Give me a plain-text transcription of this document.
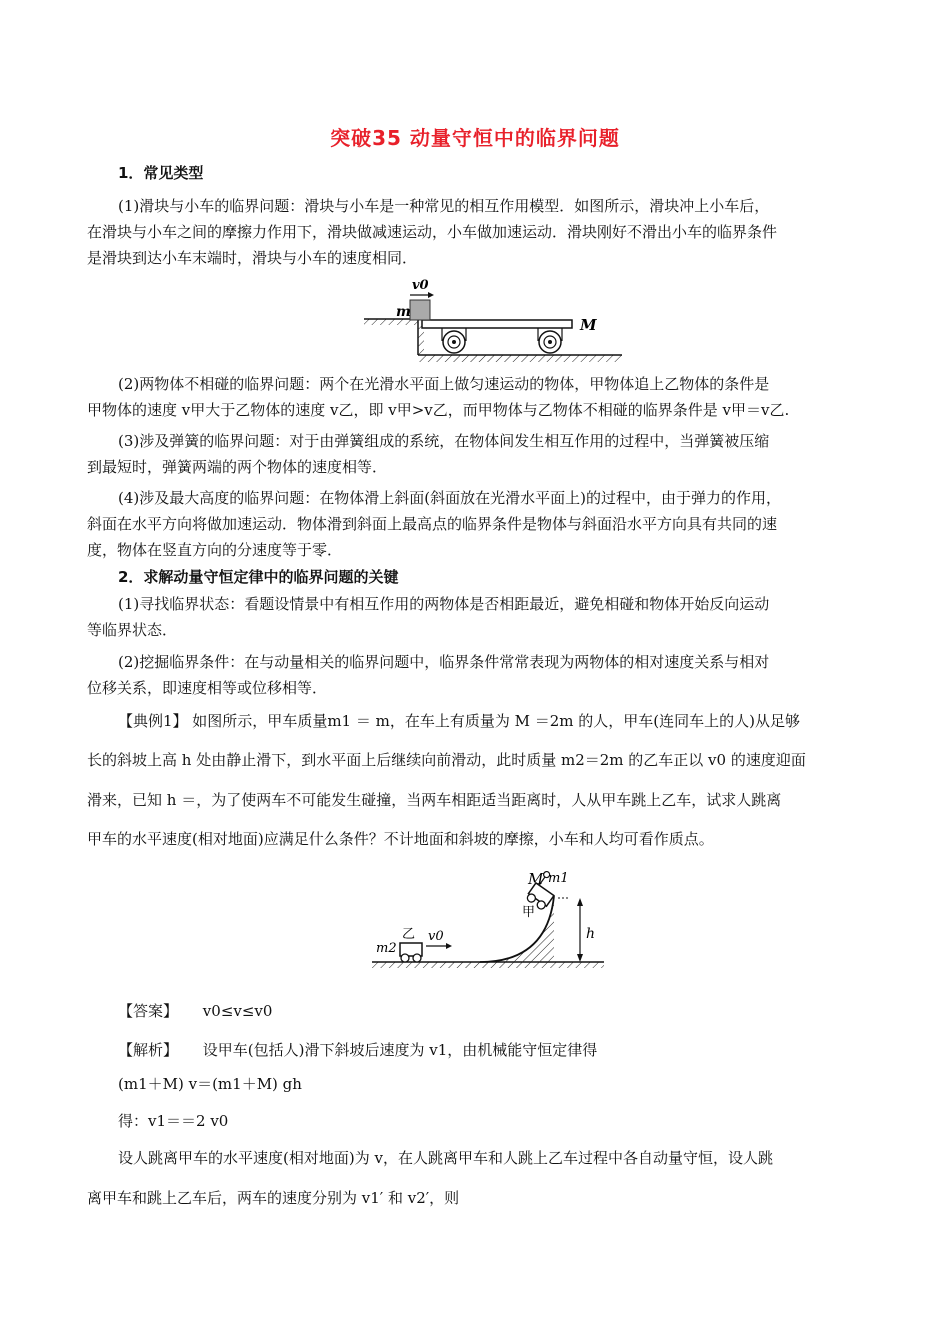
突破35 动量守恒中的临界问题
1．常见类型
(1)滑块与小车的临界问题：滑块与小车是一种常见的相互作用模型．如图所示，滑块冲上小车后，
在滑块与小车之间的摩擦力作用下，滑块做减速运动，小车做加速运动．滑块刚好不滑出小车的临界条件
是滑块到达小车末端时，滑块与小车的速度相同．
m
v0
M
(2)两物体不相碰的临界问题：两个在光滑水平面上做匀速运动的物体，甲物体追上乙物体的条件是
甲物体的速度 v甲大于乙物体的速度 v乙，即 v甲>v乙，而甲物体与乙物体不相碰的临界条件是 v甲＝v乙.
(3)涉及弹簧的临界问题：对于由弹簧组成的系统，在物体间发生相互作用的过程中，当弹簧被压缩
到最短时，弹簧两端的两个物体的速度相等．
(4)涉及最大高度的临界问题：在物体滑上斜面(斜面放在光滑水平面上)的过程中，由于弹力的作用，
斜面在水平方向将做加速运动．物体滑到斜面上最高点的临界条件是物体与斜面沿水平方向具有共同的速
度，物体在竖直方向的分速度等于零．
2．求解动量守恒定律中的临界问题的关键
(1)寻找临界状态：看题设情景中有相互作用的两物体是否相距最近，避免相碰和物体开始反向运动
等临界状态．
(2)挖掘临界条件：在与动量相关的临界问题中，临界条件常常表现为两物体的相对速度关系与相对
位移关系，即速度相等或位移相等．
【典例1】 如图所示，甲车质量m1 ＝ m，在车上有质量为 M ＝2m 的人，甲车(连同车上的人)从足够
长的斜坡上高 h 处由静止滑下，到水平面上后继续向前滑动，此时质量 m2＝2m 的乙车正以 v0 的速度迎面
滑来，已知 h ＝，为了使两车不可能发生碰撞，当两车相距适当距离时，人从甲车跳上乙车，试求人跳离
甲车的水平速度(相对地面)应满足什么条件？不计地面和斜坡的摩擦，小车和人均可看作质点。
乙
m2
v0
M m1
甲
h
【答案】 v0≤v≤v0
【解析】 设甲车(包括人)滑下斜坡后速度为 v1，由机械能守恒定律得
(m1＋M) v＝(m1＋M) gh
得：v1＝＝2 v0
设人跳离甲车的水平速度(相对地面)为 v，在人跳离甲车和人跳上乙车过程中各自动量守恒，设人跳
离甲车和跳上乙车后，两车的速度分别为 v1′ 和 v2′，则
